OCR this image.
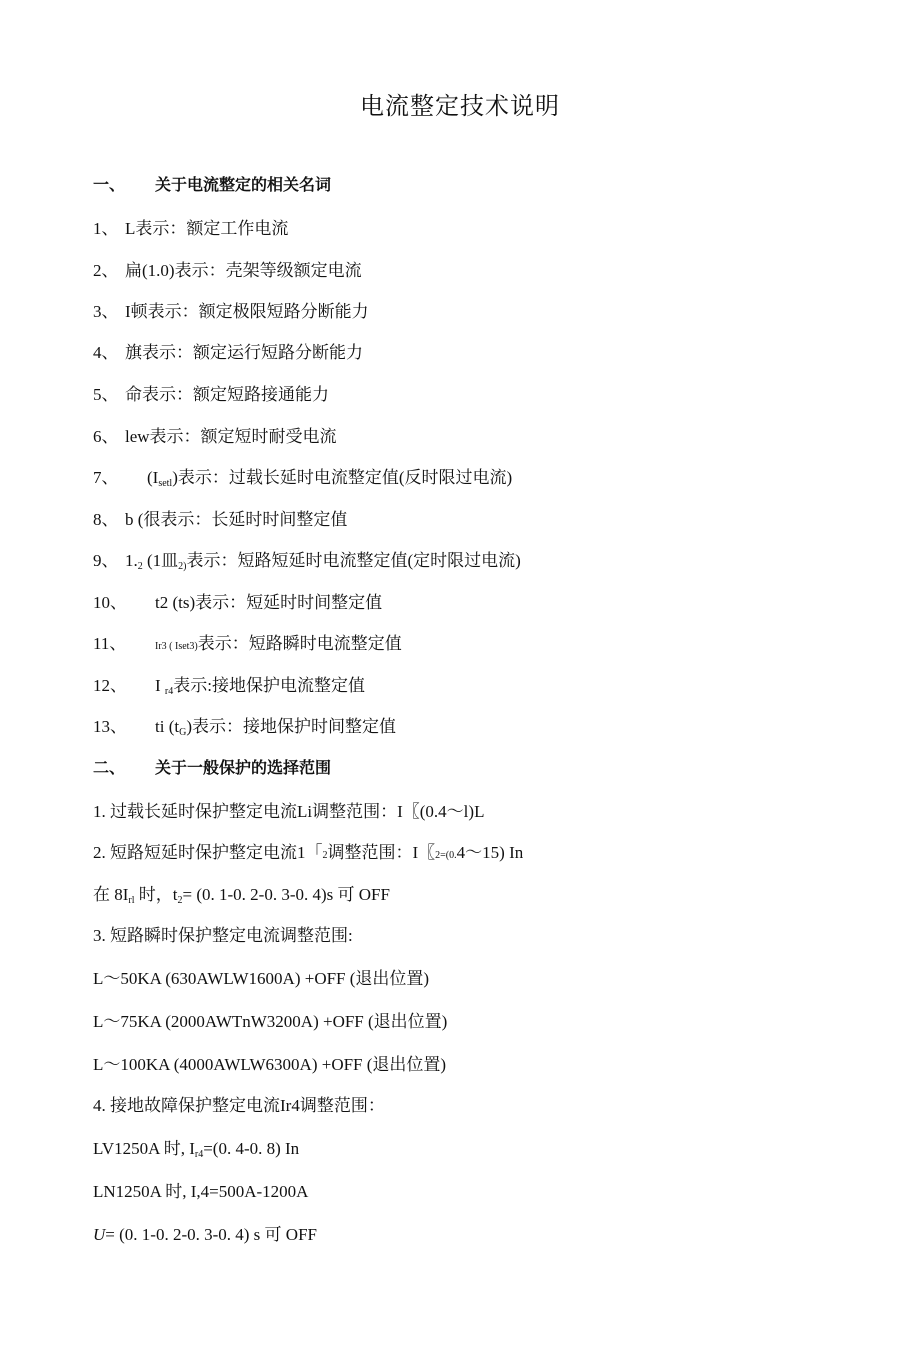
电流整定技术说明
一、 关于电流整定的相关名词
1、 L表示：额定工作电流
2、 扁(1.0)表示：壳架等级额定电流
3、 I顿表示：额定极限短路分断能力
4、 旗表示：额定运行短路分断能力
5、 命表示：额定短路接通能力
6、 lew表示：额定短时耐受电流
7、 $(I_{setl})$表示：过载长延时电流整定值(反时限过电流)
8、 b (很表示：长延时时间整定值
9、 $1._2$ (1皿$_{2)}$表示：短路短延时电流整定值(定时限过电流)
10、 t2 (ts)表示：短延时时间整定值
11、	Ir3 ( Iset3)表示：短路瞬时电流整定值
12、 I $_{r4}$表示:接地保护电流整定值
13、 ti $(t_G)$表示：接地保护时间整定值
二、 关于一般保护的选择范围
1. 过载长延时保护整定电流Li调整范围：I〖(0.4〜l)L
2. 短路短延时保护整定电流1「2调整范围：I〖2=(0.4〜15) In
在 $8I_{rl}$ 时，$t_2= (0$. 1-0. 2-0. 3-0. 4)s 可 OFF
3. 短路瞬时保护整定电流调整范围:
L〜50KA (630AWLW1600A) +OFF (退出位置)
L〜75KA (2000AWTnW3200A) +OFF (退出位置)
L〜100KA (4000AWLW6300A) +OFF (退出位置)
4. 接地故障保护整定电流Ir4调整范围：
LV1250A 时, $I_{r4}=(0$. 4-0. 8) In
LN1250A 时, I,4=500A-1200A
U= (0. 1-0. 2-0. 3-0. 4) s 可 OFF
